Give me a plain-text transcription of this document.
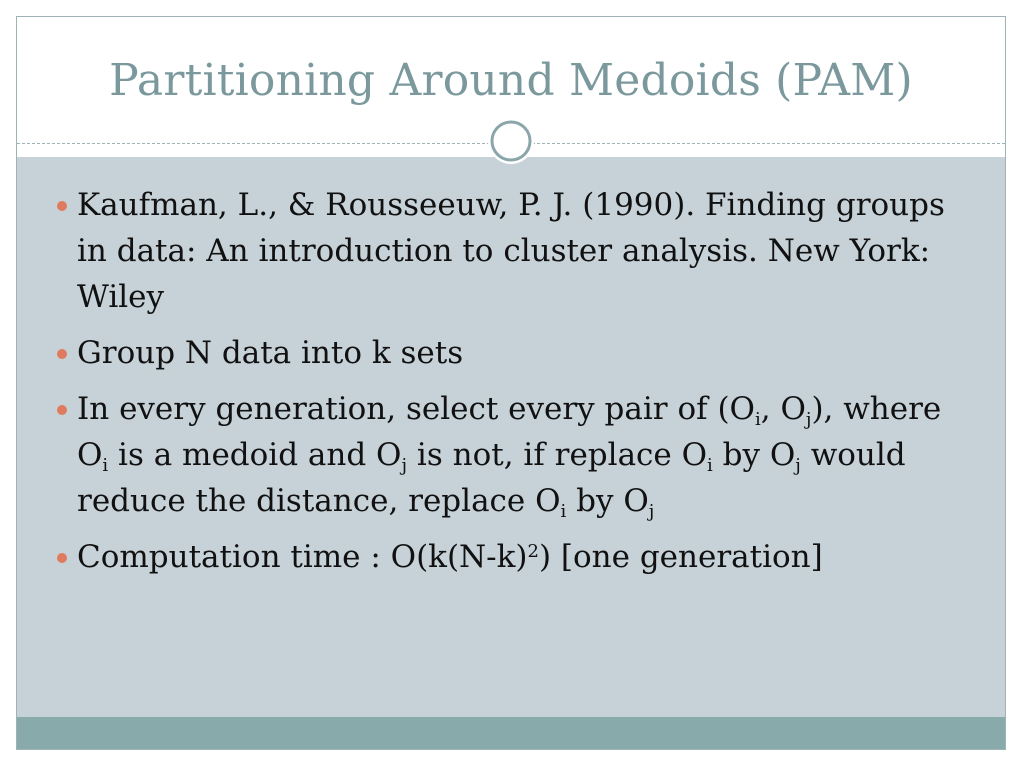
Partitioning Around Medoids (PAM)
Kaufman, L., & Rousseeuw, P. J. (1990). Finding groups in data: An introduction to cluster analysis. New York: Wiley
Group N data into k sets
In every generation, select every pair of ($O_i$, $O_j$), where $O_i$ is a medoid and $O_j$ is not, if replace $O_i$ by $O_j$ would reduce the distance, replace $O_i$ by $O_j$
Computation time : $O(k(N-k)^2)$ [one generation]
